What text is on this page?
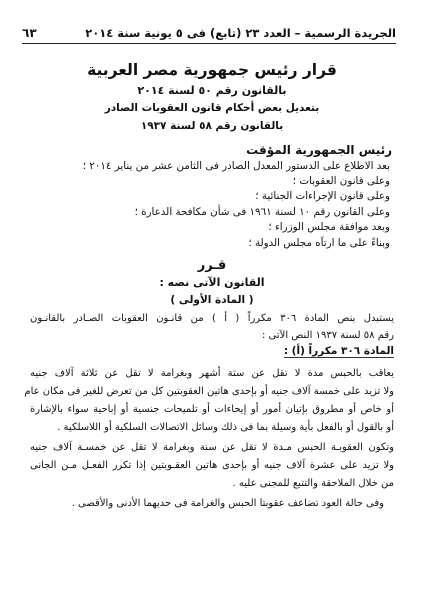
الجريدة الرسمية – العدد ٢٣ (تابع) فى ٥ يونية سنة ٢٠١٤
٦٣
قرار رئيس جمهورية مصر العربية
بالقانون رقم ٥٠ لسنة ٢٠١٤
بتعديل بعض أحكام قانون العقوبات الصادر
بالقانون رقم ٥٨ لسنة ١٩٣٧
رئيس الجمهورية المؤقت
بعد الاطلاع على الدستور المعدل الصادر فى الثامن عشر من يناير ٢٠١٤ ؛
وعلى قانون العقوبات ؛
وعلى قانون الإجراءات الجنائية ؛
وعلى القانون رقم ١٠ لسنة ١٩٦١ فى شأن مكافحة الدعارة ؛
وبعد موافقة مجلس الوزراء ؛
وبناءً على ما ارتآه مجلس الدولة ؛
قـرر
القانون الآتى نصه :
( المادة الأولى )
يستبدل بنص المادة ٣٠٦ مكرراً ( أ ) من قانـون العقوبات الصـادر بالقانـون
رقم ٥٨ لسنة ١٩٣٧ النص الآتى :
المادة ٣٠٦ مكرراً (أ) :
يعاقب بالحبس مدة لا تقل عن ستة أشهر وبغرامة لا تقل عن ثلاثة آلاف جنيه
ولا تزيد على خمسة آلاف جنيه أو بإحدى هاتين العقوبتين كل من تعرض للغير فى مكان عام
أو خاص أو مطروق بإتيان أمور أو إيحاءات أو تلميحات جنسية أو إباحية سواء بالإشارة
أو بالقول أو بالفعل بأية وسيلة بما فى ذلك وسائل الاتصالات السلكية أو اللاسلكية .
وتكون العقوبـة الحبس مـدة لا تقل عن سنة وبغرامة لا تقل عن خمسـة آلاف جنيه
ولا تزيد على عشرة آلاف جنيه أو بإحدى هاتين العقـوبتين إذا تكرر الفعـل مـن الجانى
من خلال الملاحقة والتتبع للمجنى عليه .
وفى حالة العود تضاعف عقوبتا الحبس والغرامة فى حديهما الأدنى والأقصى .
